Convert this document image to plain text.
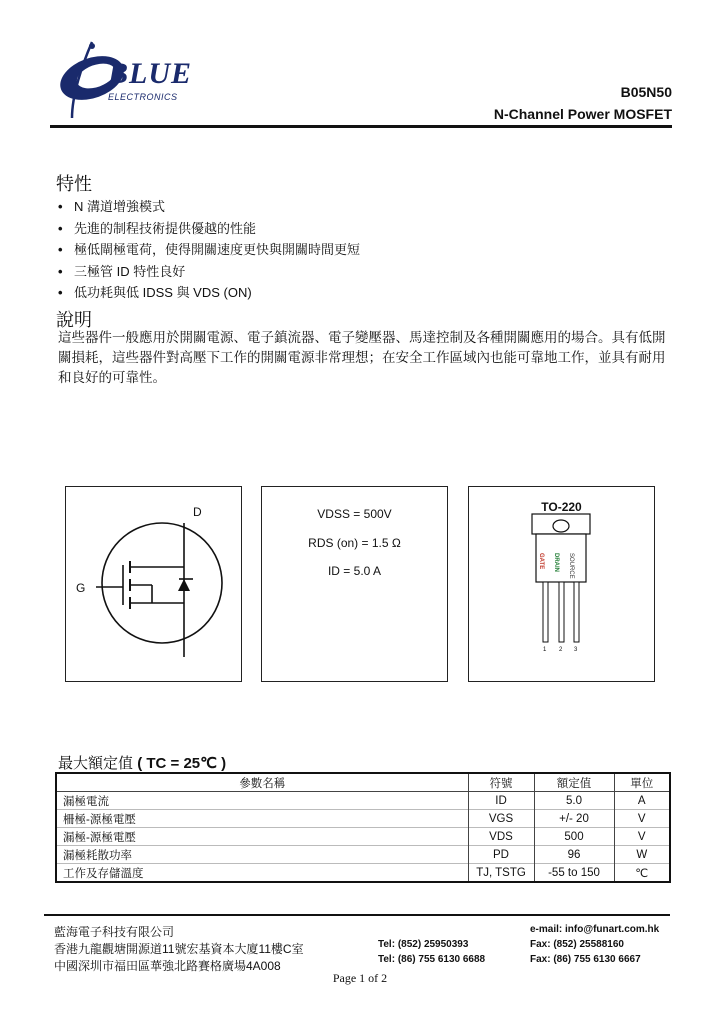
BLUE
ELECTRONICS	B05N50
N-Channel Power MOSFET
特性
• N 溝道增強模式
• 先進的制程技術提供優越的性能
• 極低閘極電荷，使得開關速度更快與開關時間更短
• 三極管 ID 特性良好
• 低功耗與低 IDSS 與 VDS (ON)
說明
這些器件一般應用於開關電源、電子鎮流器、電子變壓器、馬達控制及各種開關應用的場合。具有低開關損耗，這些器件對高壓下工作的開關電源非常理想；在安全工作區域內也能可靠地工作，並具有耐用和良好的可靠性。
D
G
VDSS = 500V
RDS (on) = 1.5 Ω
ID = 5.0 A
TO-220
GATE DRAIN SOURCE
1 2 3
最大額定值 ( TC = 25℃ )
參數名稱	符號	額定值	單位
漏極電流	ID	5.0	A
柵極-源極電壓	VGS	+/- 20	V
漏極-源極電壓	VDS	500	V
漏極耗散功率	PD	96	W
工作及存儲溫度	TJ, TSTG	-55 to 150	℃
藍海電子科技有限公司
香港九龍觀塘開源道11號宏基資本大廈11樓C室
中國深圳市福田區華強北路賽格廣場4A008
e-mail: info@funart.com.hk
Tel: (852) 25950393	Fax: (852) 25588160
Tel: (86) 755 6130 6688	Fax: (86) 755 6130 6667
Page 1 of 2
